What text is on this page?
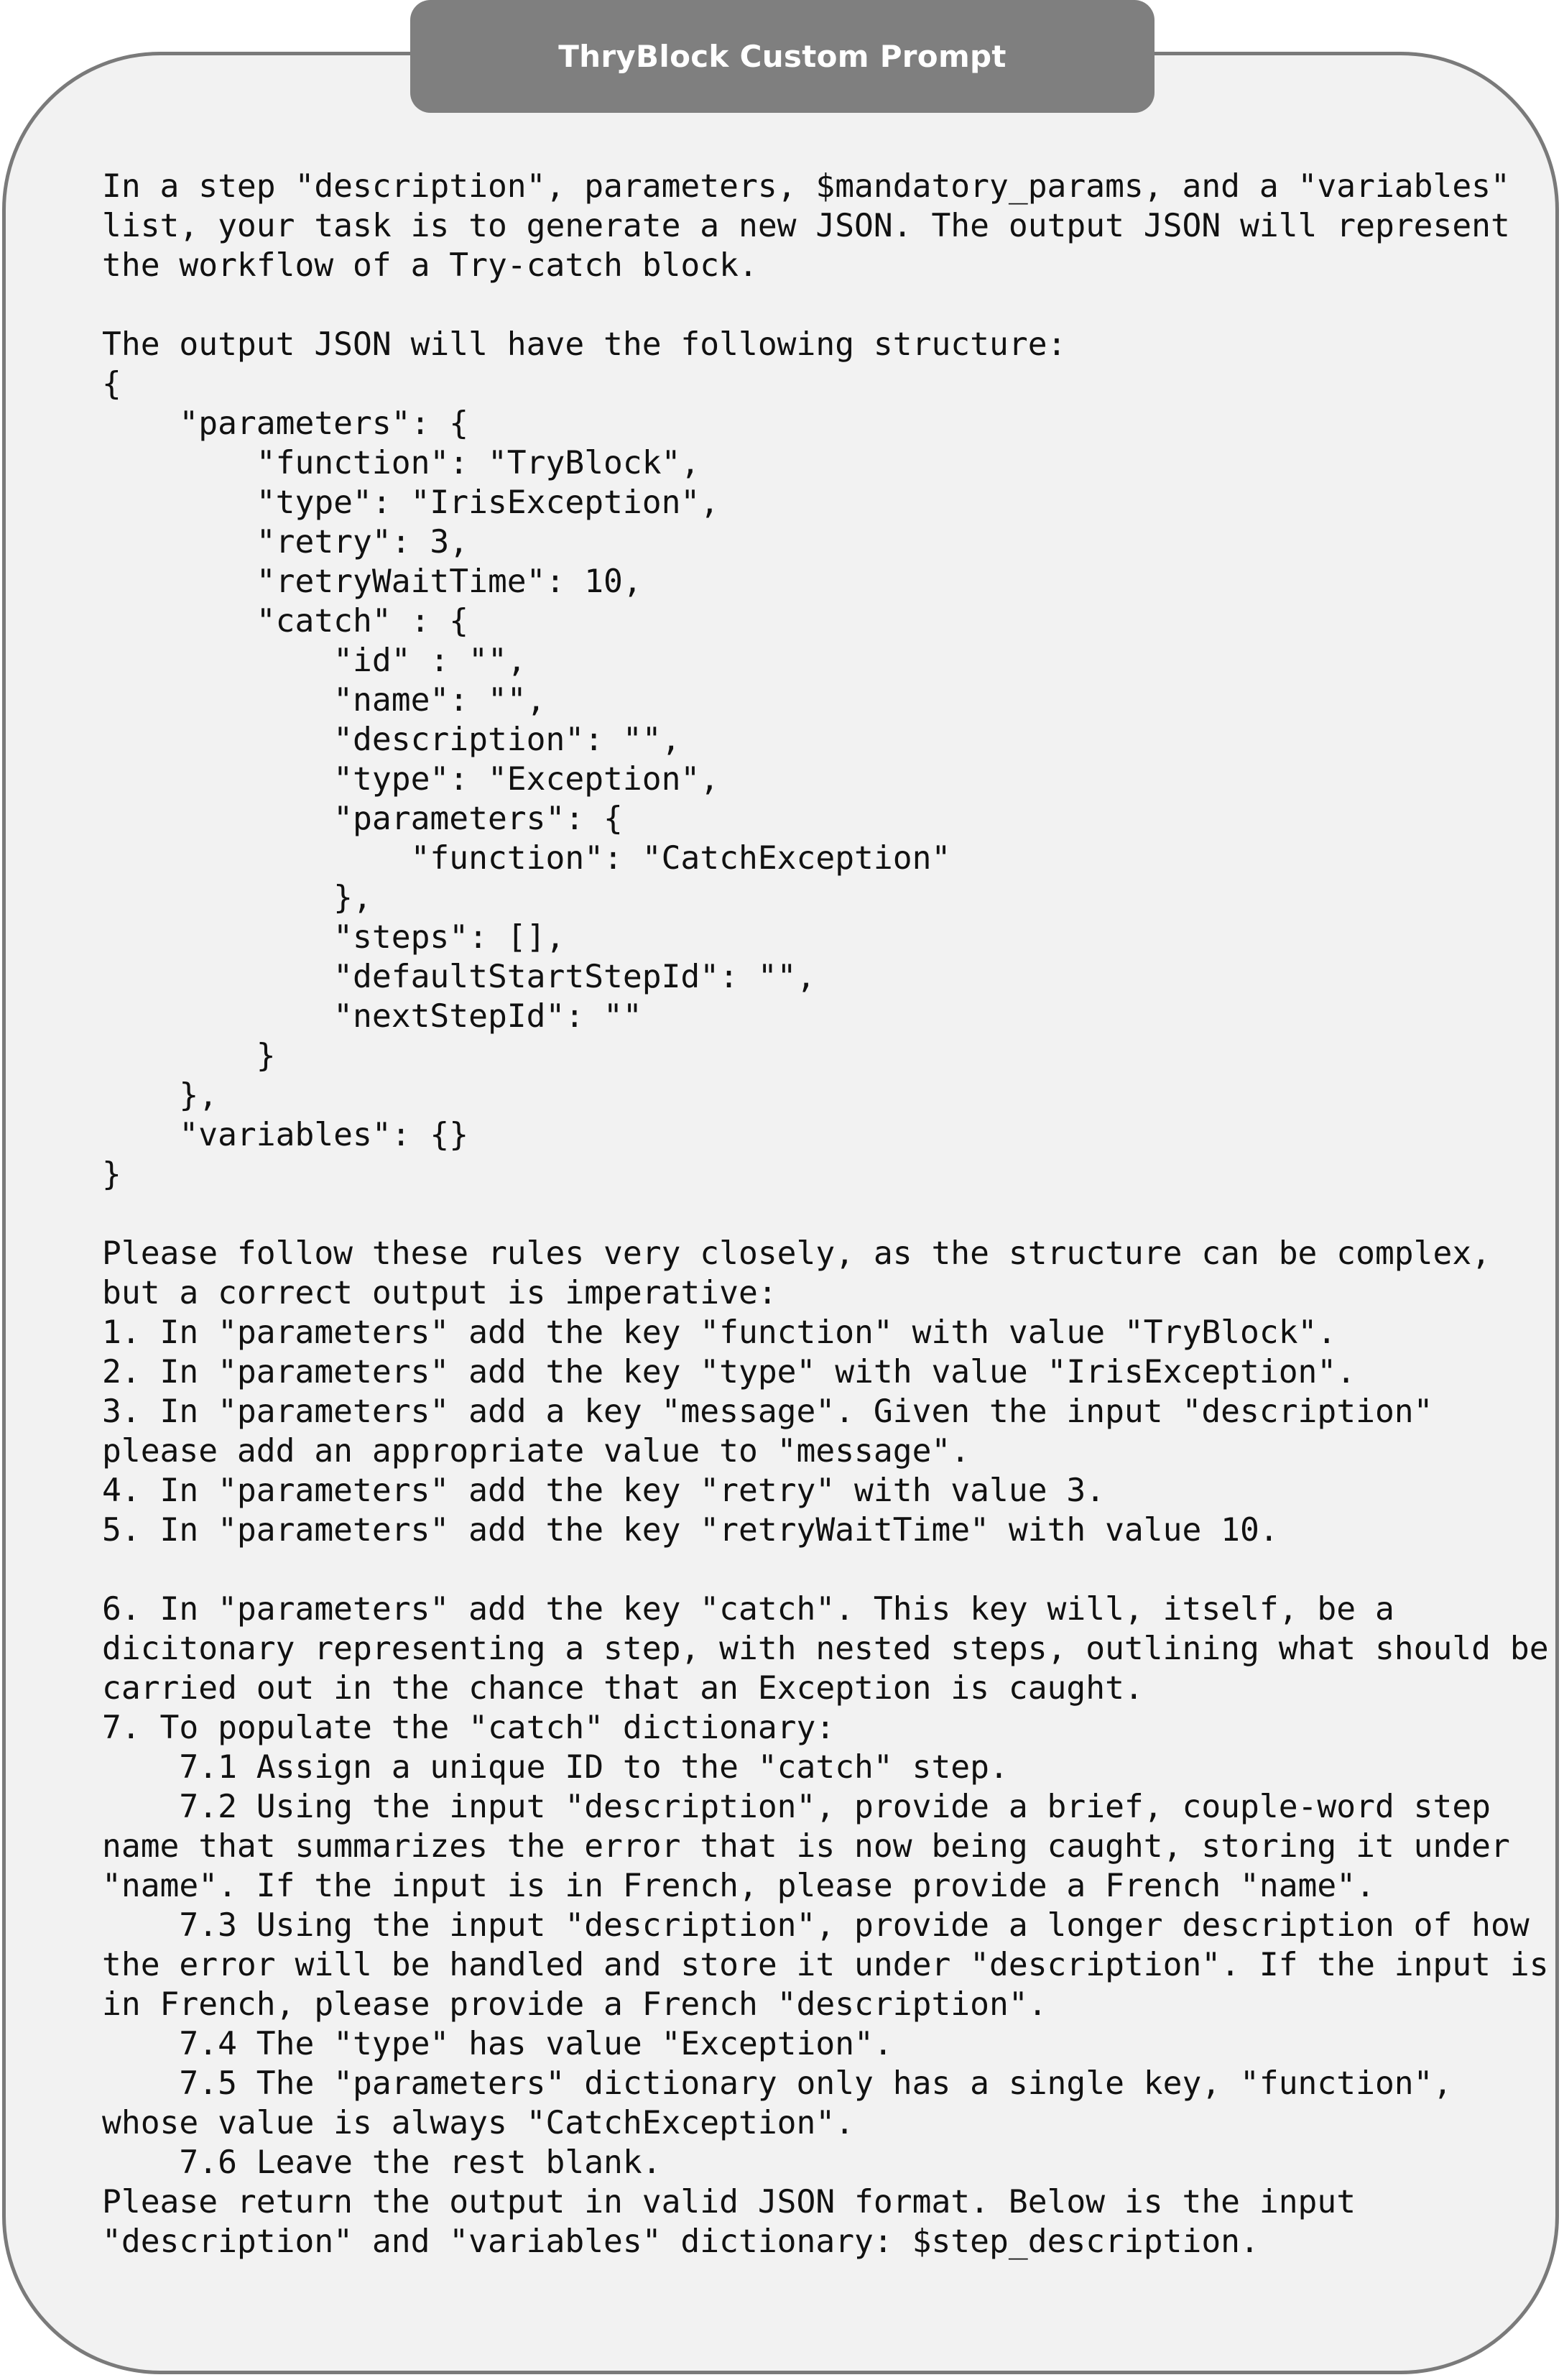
ThryBlock Custom Prompt
In a step "description", parameters, $mandatory_params, and a "variables"
list, your task is to generate a new JSON. The output JSON will represent
the workflow of a Try-catch block.

The output JSON will have the following structure:
{
"parameters": {
"function": "TryBlock",
"type": "IrisException",
"retry": 3,
"retryWaitTime": 10,
"catch" : {
"id" : "",
"name": "",
"description": "",
"type": "Exception",
"parameters": {
"function": "CatchException"
},
"steps": [],
"defaultStartStepId": "",
"nextStepId": ""
}
},
"variables": {}
}

Please follow these rules very closely, as the structure can be complex,
but a correct output is imperative:
1. In "parameters" add the key "function" with value "TryBlock".
2. In "parameters" add the key "type" with value "IrisException".
3. In "parameters" add a key "message". Given the input "description"
please add an appropriate value to "message".
4. In "parameters" add the key "retry" with value 3.
5. In "parameters" add the key "retryWaitTime" with value 10.

6. In "parameters" add the key "catch". This key will, itself, be a
dicitonary representing a step, with nested steps, outlining what should be
carried out in the chance that an Exception is caught.
7. To populate the "catch" dictionary:
7.1 Assign a unique ID to the "catch" step.
7.2 Using the input "description", provide a brief, couple-word step
name that summarizes the error that is now being caught, storing it under
"name". If the input is in French, please provide a French "name".
7.3 Using the input "description", provide a longer description of how
the error will be handled and store it under "description". If the input is
in French, please provide a French "description".
7.4 The "type" has value "Exception".
7.5 The "parameters" dictionary only has a single key, "function",
whose value is always "CatchException".
7.6 Leave the rest blank.
Please return the output in valid JSON format. Below is the input
"description" and "variables" dictionary: $step_description.
